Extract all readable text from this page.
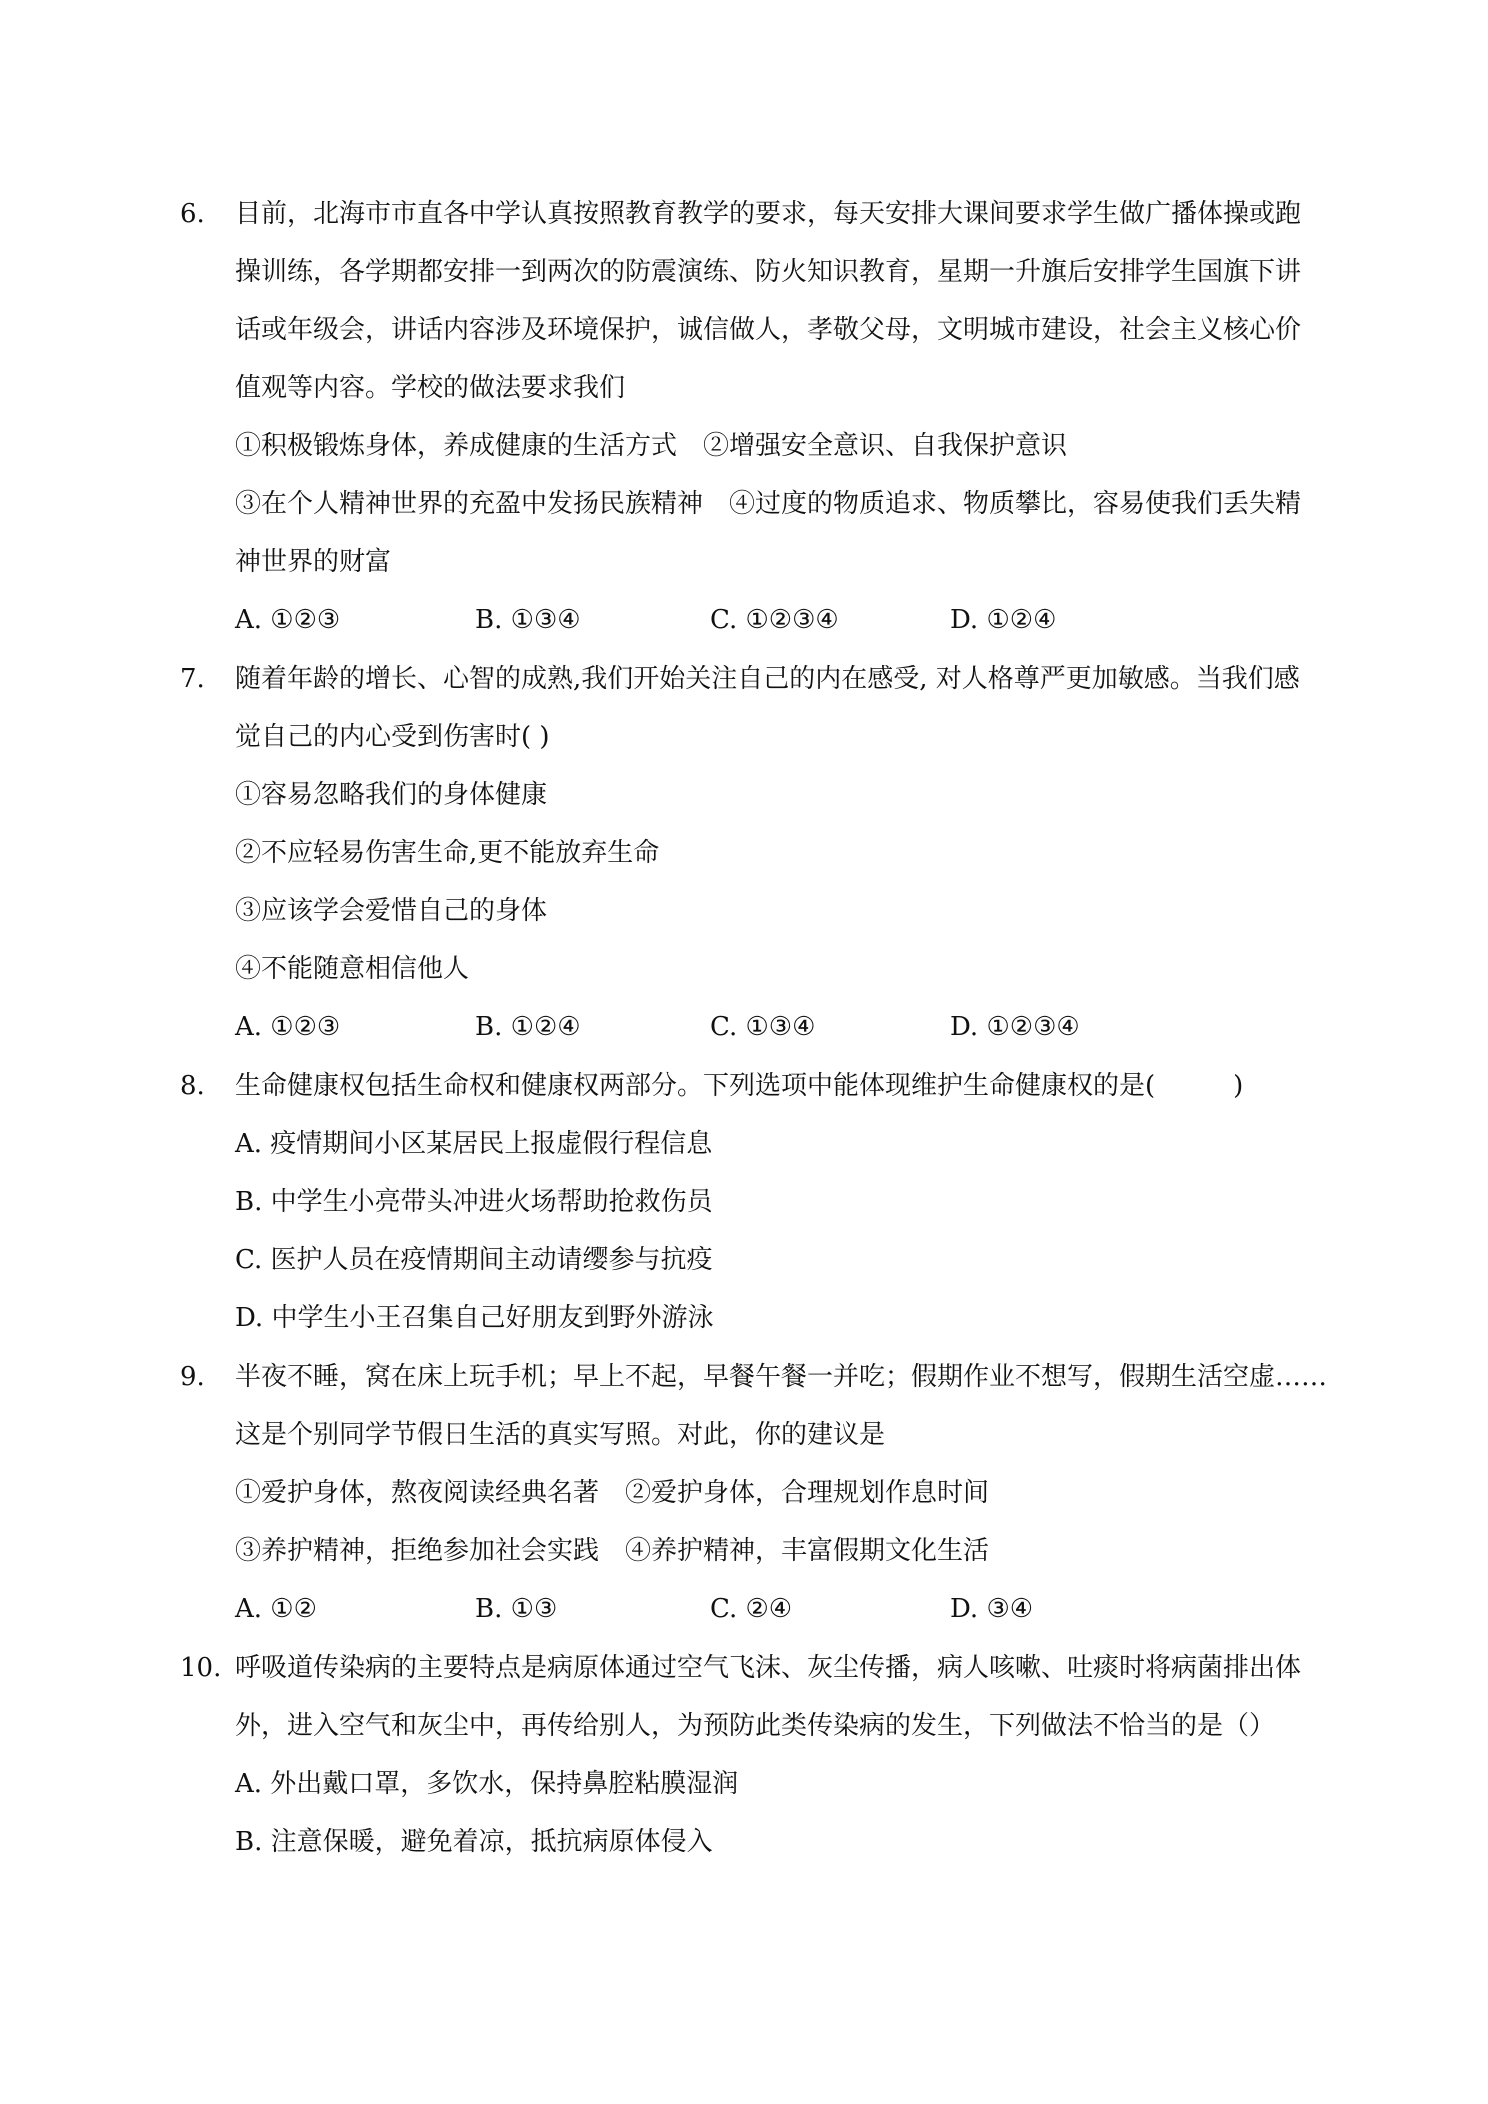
6. 目前，北海市市直各中学认真按照教育教学的要求，每天安排大课间要求学生做广播体操或跑
操训练，各学期都安排一到两次的防震演练、防火知识教育，星期一升旗后安排学生国旗下讲
话或年级会，讲话内容涉及环境保护，诚信做人，孝敬父母，文明城市建设，社会主义核心价
值观等内容。学校的做法要求我们
①积极锻炼身体，养成健康的生活方式　②增强安全意识、自我保护意识
③在个人精神世界的充盈中发扬民族精神　④过度的物质追求、物质攀比，容易使我们丢失精
神世界的财富
A. ①②③	B. ①③④	C. ①②③④	D. ①②④
7. 随着年龄的增长、心智的成熟,我们开始关注自己的内在感受, 对人格尊严更加敏感。当我们感
觉自己的内心受到伤害时( )
①容易忽略我们的身体健康
②不应轻易伤害生命,更不能放弃生命
③应该学会爱惜自己的身体
④不能随意相信他人
A. ①②③	B. ①②④	C. ①③④	D. ①②③④
8. 生命健康权包括生命权和健康权两部分。下列选项中能体现维护生命健康权的是(　　　)
A. 疫情期间小区某居民上报虚假行程信息
B. 中学生小亮带头冲进火场帮助抢救伤员
C. 医护人员在疫情期间主动请缨参与抗疫
D. 中学生小王召集自己好朋友到野外游泳
9. 半夜不睡，窝在床上玩手机；早上不起，早餐午餐一并吃；假期作业不想写，假期生活空虚……
这是个别同学节假日生活的真实写照。对此，你的建议是
①爱护身体，熬夜阅读经典名著　②爱护身体，合理规划作息时间
③养护精神，拒绝参加社会实践　④养护精神，丰富假期文化生活
A. ①②	B. ①③	C. ②④	D. ③④
10. 呼吸道传染病的主要特点是病原体通过空气飞沫、灰尘传播，病人咳嗽、吐痰时将病菌排出体
外，进入空气和灰尘中，再传给别人，为预防此类传染病的发生，下列做法不恰当的是（）
A. 外出戴口罩，多饮水，保持鼻腔粘膜湿润
B. 注意保暖，避免着凉，抵抗病原体侵入
